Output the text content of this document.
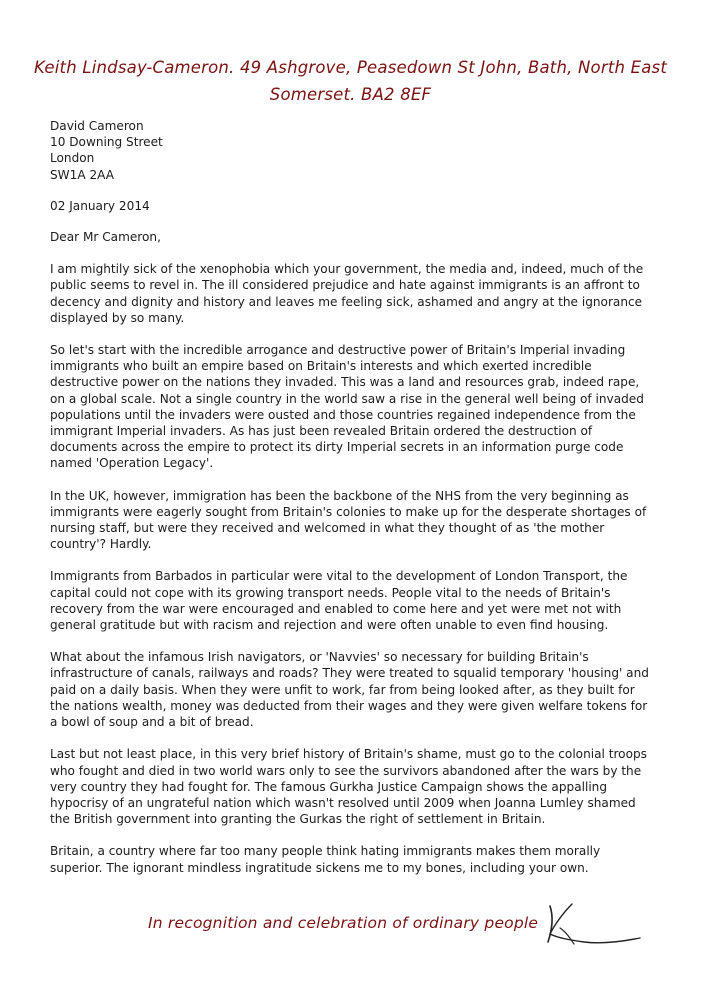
Keith Lindsay-Cameron. 49 Ashgrove, Peasedown St John, Bath, North East
Somerset. BA2 8EF
David Cameron
10 Downing Street
London
SW1A 2AA
02 January 2014
Dear Mr Cameron,

I am mightily sick of the xenophobia which your government, the media and, indeed, much of the public seems to revel in. The ill considered prejudice and hate against immigrants is an affront to decency and dignity and history and leaves me feeling sick, ashamed and angry at the ignorance displayed by so many.

So let's start with the incredible arrogance and destructive power of Britain's Imperial invading immigrants who built an empire based on Britain's interests and which exerted incredible destructive power on the nations they invaded. This was a land and resources grab, indeed rape, on a global scale. Not a single country in the world saw a rise in the general well being of invaded populations until the invaders were ousted and those countries regained independence from the immigrant Imperial invaders. As has just been revealed Britain ordered the destruction of documents across the empire to protect its dirty Imperial secrets in an information purge code named 'Operation Legacy'.

In the UK, however, immigration has been the backbone of the NHS from the very beginning as immigrants were eagerly sought from Britain's colonies to make up for the desperate shortages of nursing staff, but were they received and welcomed in what they thought of as 'the mother country'? Hardly.

Immigrants from Barbados in particular were vital to the development of London Transport, the capital could not cope with its growing transport needs. People vital to the needs of Britain's recovery from the war were encouraged and enabled to come here and yet were met not with general gratitude but with racism and rejection and were often unable to even find housing.

What about the infamous Irish navigators, or 'Navvies' so necessary for building Britain's infrastructure of canals, railways and roads? They were treated to squalid temporary 'housing' and paid on a daily basis. When they were unfit to work, far from being looked after, as they built for the nations wealth, money was deducted from their wages and they were given welfare tokens for a bowl of soup and a bit of bread.

Last but not least place, in this very brief history of Britain's shame, must go to the colonial troops who fought and died in two world wars only to see the survivors abandoned after the wars by the very country they had fought for. The famous Gurkha Justice Campaign shows the appalling hypocrisy of an ungrateful nation which wasn't resolved until 2009 when Joanna Lumley shamed the British government into granting the Gurkas the right of settlement in Britain.

Britain, a country where far too many people think hating immigrants makes them morally superior. The ignorant mindless ingratitude sickens me to my bones, including your own.

In recognition and celebration of ordinary people
